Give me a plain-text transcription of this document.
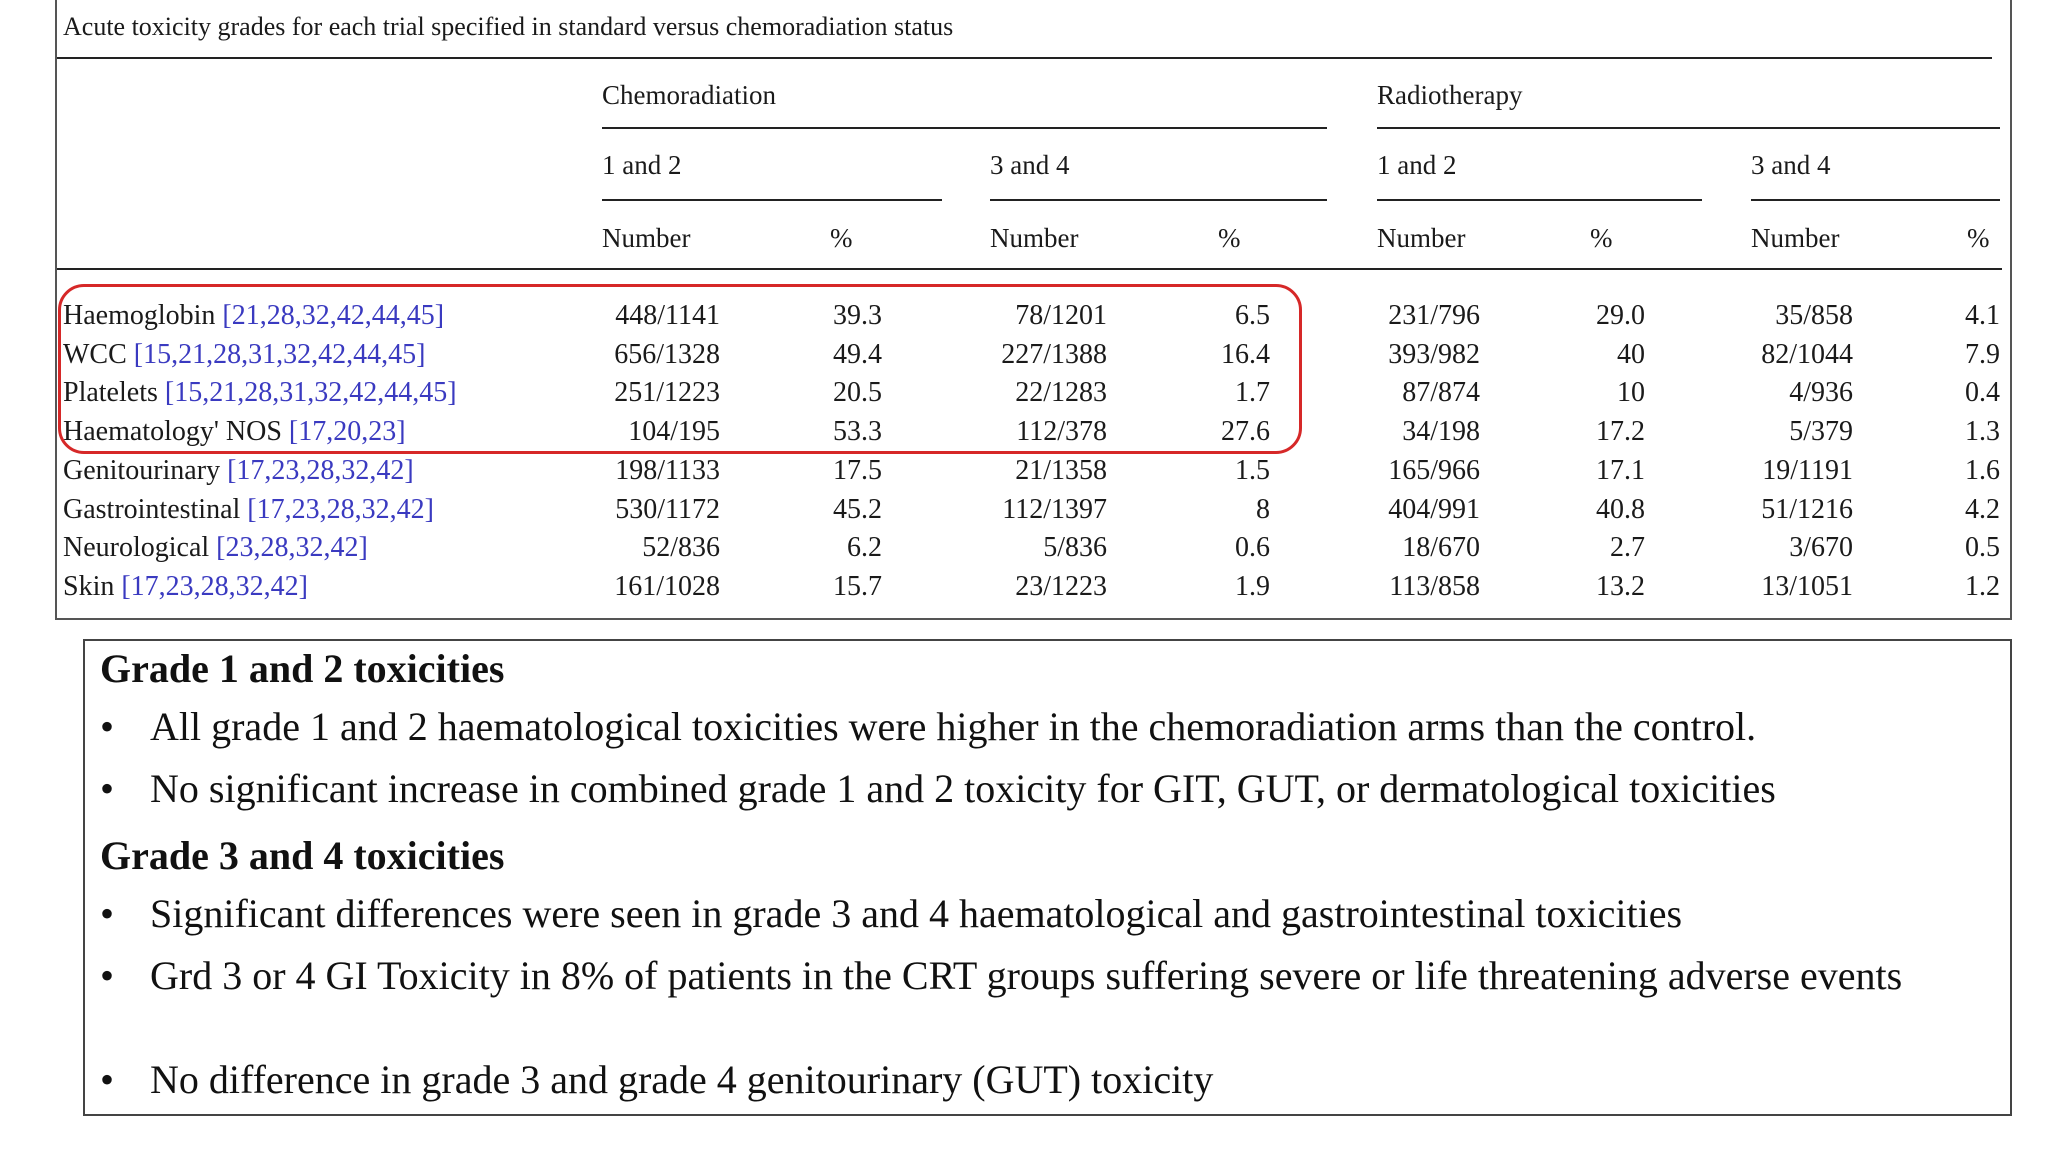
Acute toxicity grades for each trial specified in standard versus chemoradiation status
Chemoradiation	Radiotherapy
1 and 2	3 and 4	1 and 2	3 and 4
Number	%	Number	%	Number	%	Number	%
Haemoglobin [21,28,32,42,44,45]	448/1141	39.3	78/1201	6.5	231/796	29.0	35/858	4.1
WCC [15,21,28,31,32,42,44,45]	656/1328	49.4	227/1388	16.4	393/982	40	82/1044	7.9
Platelets [15,21,28,31,32,42,44,45]	251/1223	20.5	22/1283	1.7	87/874	10	4/936	0.4
Haematology' NOS [17,20,23]	104/195	53.3	112/378	27.6	34/198	17.2	5/379	1.3
Genitourinary [17,23,28,32,42]	198/1133	17.5	21/1358	1.5	165/966	17.1	19/1191	1.6
Gastrointestinal [17,23,28,32,42]	530/1172	45.2	112/1397	8	404/991	40.8	51/1216	4.2
Neurological [23,28,32,42]	52/836	6.2	5/836	0.6	18/670	2.7	3/670	0.5
Skin [17,23,28,32,42]	161/1028	15.7	23/1223	1.9	113/858	13.2	13/1051	1.2
Grade 1 and 2 toxicities
• All grade 1 and 2 haematological toxicities were higher in the chemoradiation arms than the control.
• No significant increase in combined grade 1 and 2 toxicity for GIT, GUT, or dermatological toxicities
Grade 3 and 4 toxicities
• Significant differences were seen in grade 3 and 4 haematological and gastrointestinal toxicities
• Grd 3 or 4 GI Toxicity in 8% of patients in the CRT groups suffering severe or life threatening adverse events
• No difference in grade 3 and grade 4 genitourinary (GUT) toxicity
